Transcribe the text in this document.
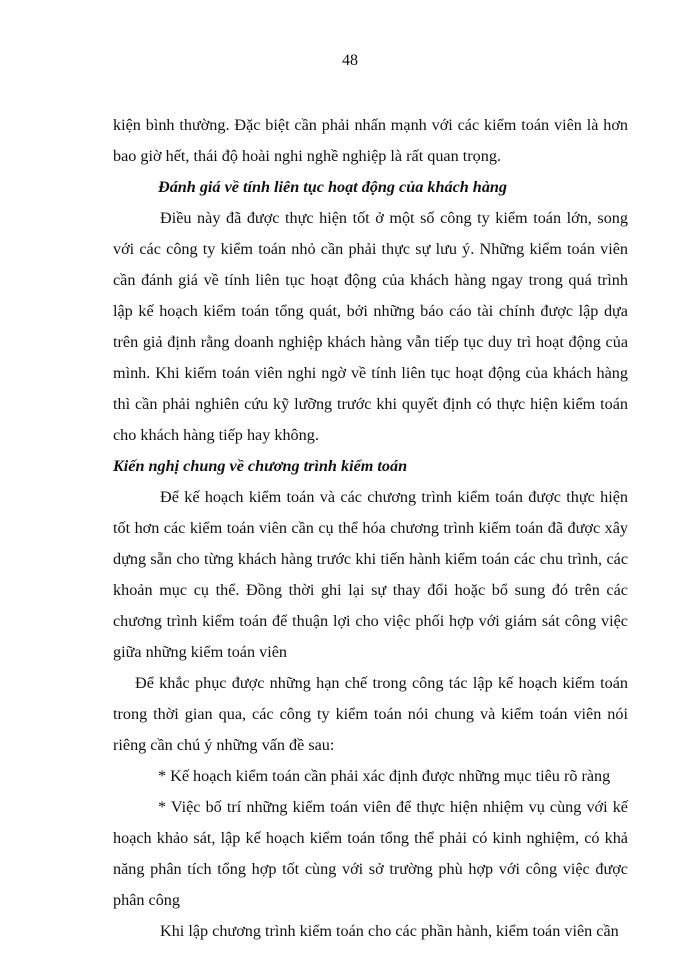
48

kiện bình thường. Đặc biệt cần phải nhấn mạnh với các kiểm toán viên là hơn bao giờ hết, thái độ hoài nghi nghề nghiệp là rất quan trọng.

Đánh giá về tính liên tục hoạt động của khách hàng

Điều này đã được thực hiện tốt ở một số công ty kiểm toán lớn, song với các công ty kiểm toán nhỏ cần phải thực sự lưu ý. Những kiểm toán viên cần đánh giá về tính liên tục hoạt động của khách hàng ngay trong quá trình lập kế hoạch kiểm toán tổng quát, bởi những báo cáo tài chính được lập dựa trên giả định rằng doanh nghiệp khách hàng vẫn tiếp tục duy trì hoạt động của mình. Khi kiểm toán viên nghi ngờ về tính liên tục hoạt động của khách hàng thì cần phải nghiên cứu kỹ lưỡng trước khi quyết định có thực hiện kiểm toán cho khách hàng tiếp hay không.

Kiến nghị chung về chương trình kiểm toán

Để kế hoạch kiểm toán và các chương trình kiểm toán được thực hiện tốt hơn các kiểm toán viên cần cụ thể hóa chương trình kiểm toán đã được xây dựng sẵn cho từng khách hàng trước khi tiến hành kiểm toán các chu trình, các khoản mục cụ thể. Đồng thời ghi lại sự thay đổi hoặc bổ sung đó trên các chương trình kiểm toán để thuận lợi cho việc phối hợp với giám sát công việc giữa những kiểm toán viên

Để khắc phục được những hạn chế trong công tác lập kế hoạch kiểm toán trong thời gian qua, các công ty kiểm toán nói chung và kiểm toán viên nói riêng cần chú ý những vấn đề sau:

* Kế hoạch kiểm toán cần phải xác định được những mục tiêu rõ ràng

* Việc bố trí những kiểm toán viên để thực hiện nhiệm vụ cùng với kế hoạch khảo sát, lập kế hoạch kiểm toán tổng thể phải có kinh nghiệm, có khả năng phân tích tổng hợp tốt cùng với sở trường phù hợp với công việc được phân công

Khi lập chương trình kiểm toán cho các phần hành, kiểm toán viên cần
